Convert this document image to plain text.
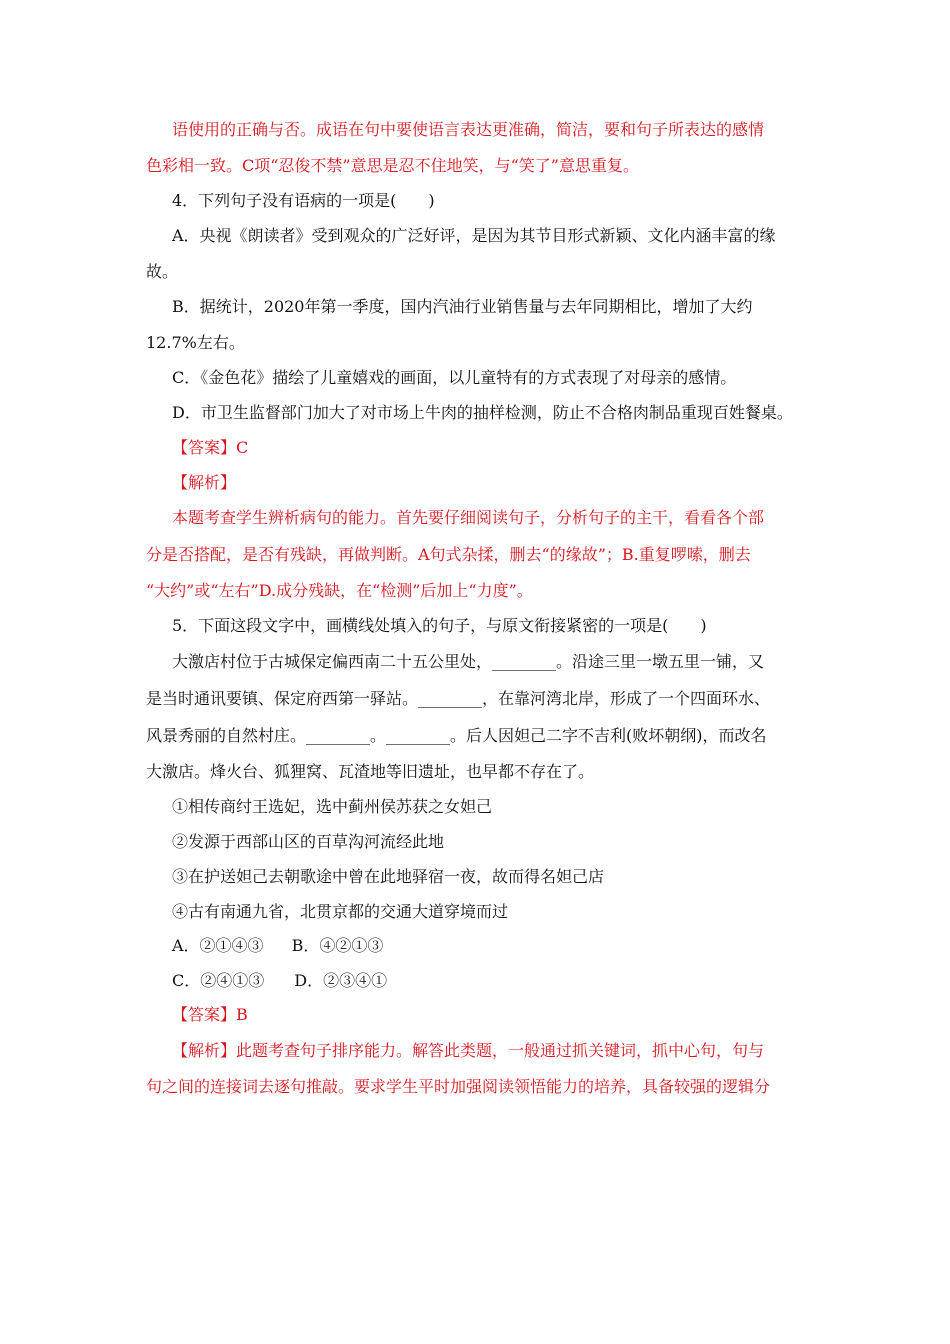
语使用的正确与否。成语在句中要使语言表达更准确，简洁，要和句子所表达的感情
色彩相一致。C项“忍俊不禁”意思是忍不住地笑，与“笑了”意思重复。
4．下列句子没有语病的一项是(　　)
A．央视《朗读者》受到观众的广泛好评，是因为其节目形式新颖、文化内涵丰富的缘
故。
B．据统计，2020年第一季度，国内汽油行业销售量与去年同期相比，增加了大约
12.7%左右。
C．《金色花》描绘了儿童嬉戏的画面，以儿童特有的方式表现了对母亲的感情。
D．市卫生监督部门加大了对市场上牛肉的抽样检测，防止不合格肉制品重现百姓餐桌。
【答案】C
【解析】
本题考查学生辨析病句的能力。首先要仔细阅读句子，分析句子的主干，看看各个部
分是否搭配，是否有残缺，再做判断。A句式杂揉，删去“的缘故”；B.重复啰嗦，删去
“大约”或“左右”D.成分残缺，在“检测”后加上“力度”。
5．下面这段文字中，画横线处填入的句子，与原文衔接紧密的一项是(　　)
大激店村位于古城保定偏西南二十五公里处，________。沿途三里一墩五里一铺，又
是当时通讯要镇、保定府西第一驿站。________，在靠河湾北岸，形成了一个四面环水、
风景秀丽的自然村庄。________。________。后人因妲己二字不吉利(败坏朝纲)，而改名
大激店。烽火台、狐狸窝、瓦渣地等旧遗址，也早都不存在了。
①相传商纣王选妃，选中蓟州侯苏获之女妲己
②发源于西部山区的百草沟河流经此地
③在护送妲己去朝歌途中曾在此地驿宿一夜，故而得名妲己店
④古有南通九省，北贯京都的交通大道穿境而过
A．②①④③ B．④②①③
C．②④①③ D．②③④①
【答案】B
【解析】此题考查句子排序能力。解答此类题，一般通过抓关键词，抓中心句，句与
句之间的连接词去逐句推敲。要求学生平时加强阅读领悟能力的培养，具备较强的逻辑分
